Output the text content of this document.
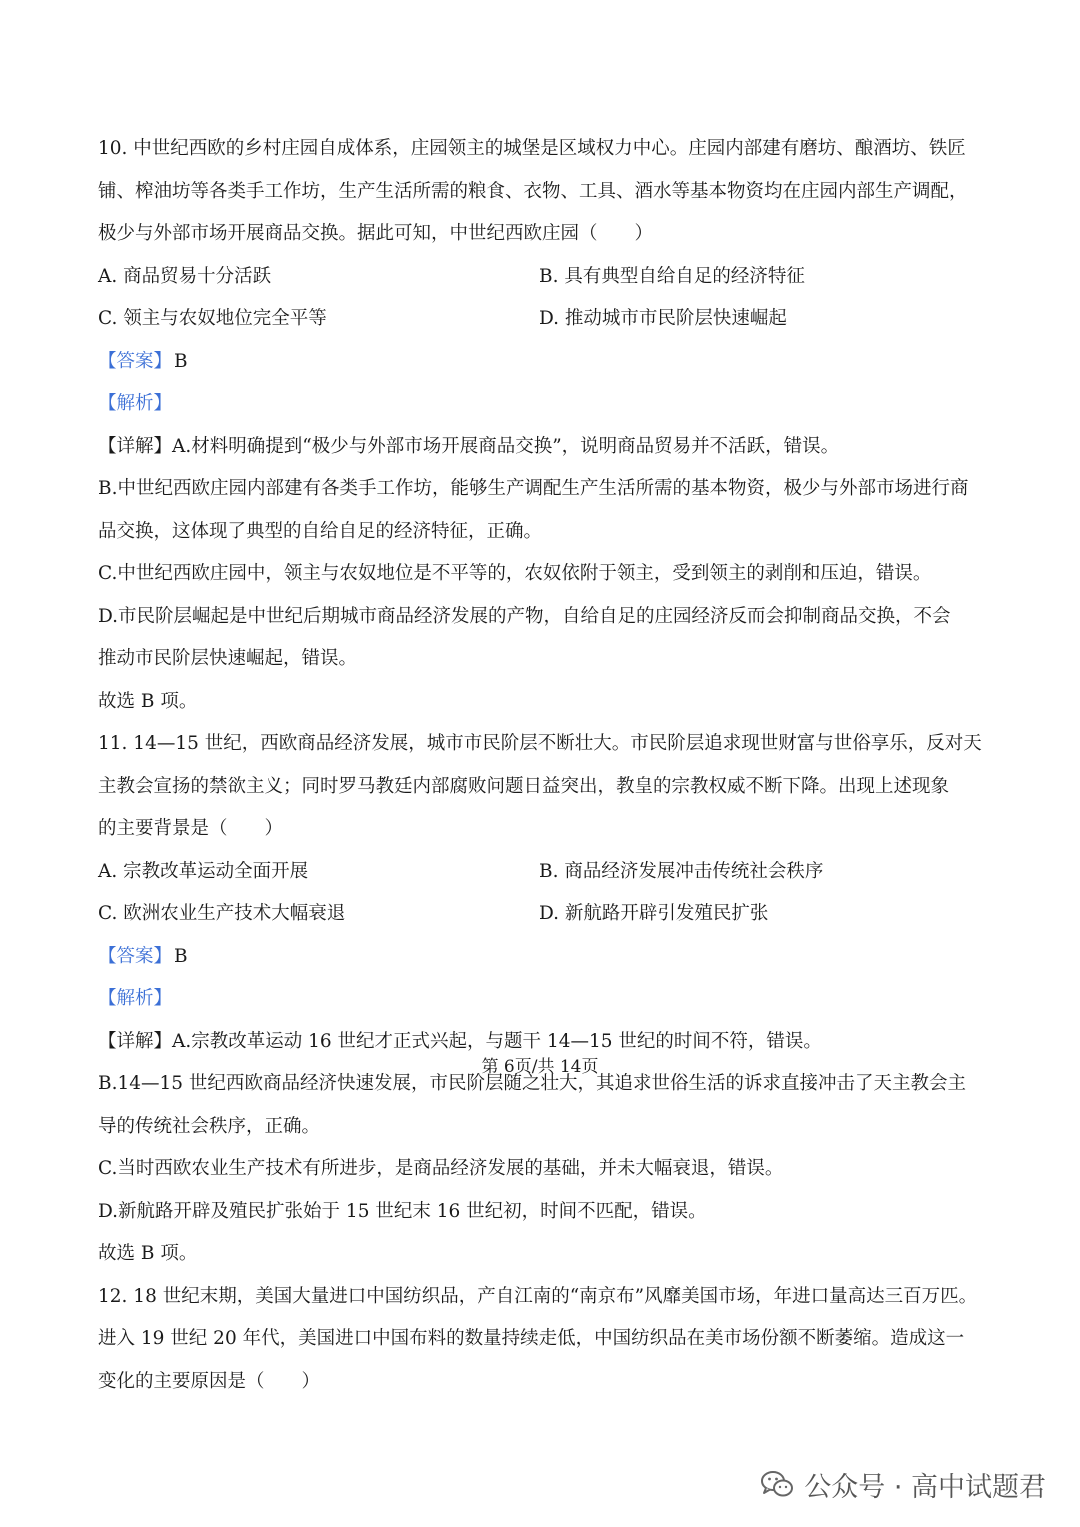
10. 中世纪西欧的乡村庄园自成体系，庄园领主的城堡是区域权力中心。庄园内部建有磨坊、酿酒坊、铁匠
铺、榨油坊等各类手工作坊，生产生活所需的粮食、衣物、工具、酒水等基本物资均在庄园内部生产调配，
极少与外部市场开展商品交换。据此可知，中世纪西欧庄园（　　）
A. 商品贸易十分活跃	B. 具有典型自给自足的经济特征
C. 领主与农奴地位完全平等	D. 推动城市市民阶层快速崛起
【答案】 B
【解析】
【详解】A.材料明确提到“极少与外部市场开展商品交换”，说明商品贸易并不活跃，错误。
B.中世纪西欧庄园内部建有各类手工作坊，能够生产调配生产生活所需的基本物资，极少与外部市场进行商
品交换，这体现了典型的自给自足的经济特征，正确。
C.中世纪西欧庄园中，领主与农奴地位是不平等的，农奴依附于领主，受到领主的剥削和压迫，错误。
D.市民阶层崛起是中世纪后期城市商品经济发展的产物，自给自足的庄园经济反而会抑制商品交换，不会
推动市民阶层快速崛起，错误。
故选 B 项。
11. 14—15 世纪，西欧商品经济发展，城市市民阶层不断壮大。市民阶层追求现世财富与世俗享乐，反对天
主教会宣扬的禁欲主义；同时罗马教廷内部腐败问题日益突出，教皇的宗教权威不断下降。出现上述现象
的主要背景是（　　）
A. 宗教改革运动全面开展	B. 商品经济发展冲击传统社会秩序
C. 欧洲农业生产技术大幅衰退	D. 新航路开辟引发殖民扩张
【答案】 B
【解析】
【详解】A.宗教改革运动 16 世纪才正式兴起，与题干 14—15 世纪的时间不符，错误。
B.14—15 世纪西欧商品经济快速发展，市民阶层随之壮大，其追求世俗生活的诉求直接冲击了天主教会主
导的传统社会秩序，正确。
C.当时西欧农业生产技术有所进步，是商品经济发展的基础，并未大幅衰退，错误。
D.新航路开辟及殖民扩张始于 15 世纪末 16 世纪初，时间不匹配，错误。
故选 B 项。
12. 18 世纪末期，美国大量进口中国纺织品，产自江南的“南京布”风靡美国市场，年进口量高达三百万匹。
进入 19 世纪 20 年代，美国进口中国布料的数量持续走低，中国纺织品在美市场份额不断萎缩。造成这一
变化的主要原因是（　　）
第 6页/共 14页
公众号 · 高中试题君
